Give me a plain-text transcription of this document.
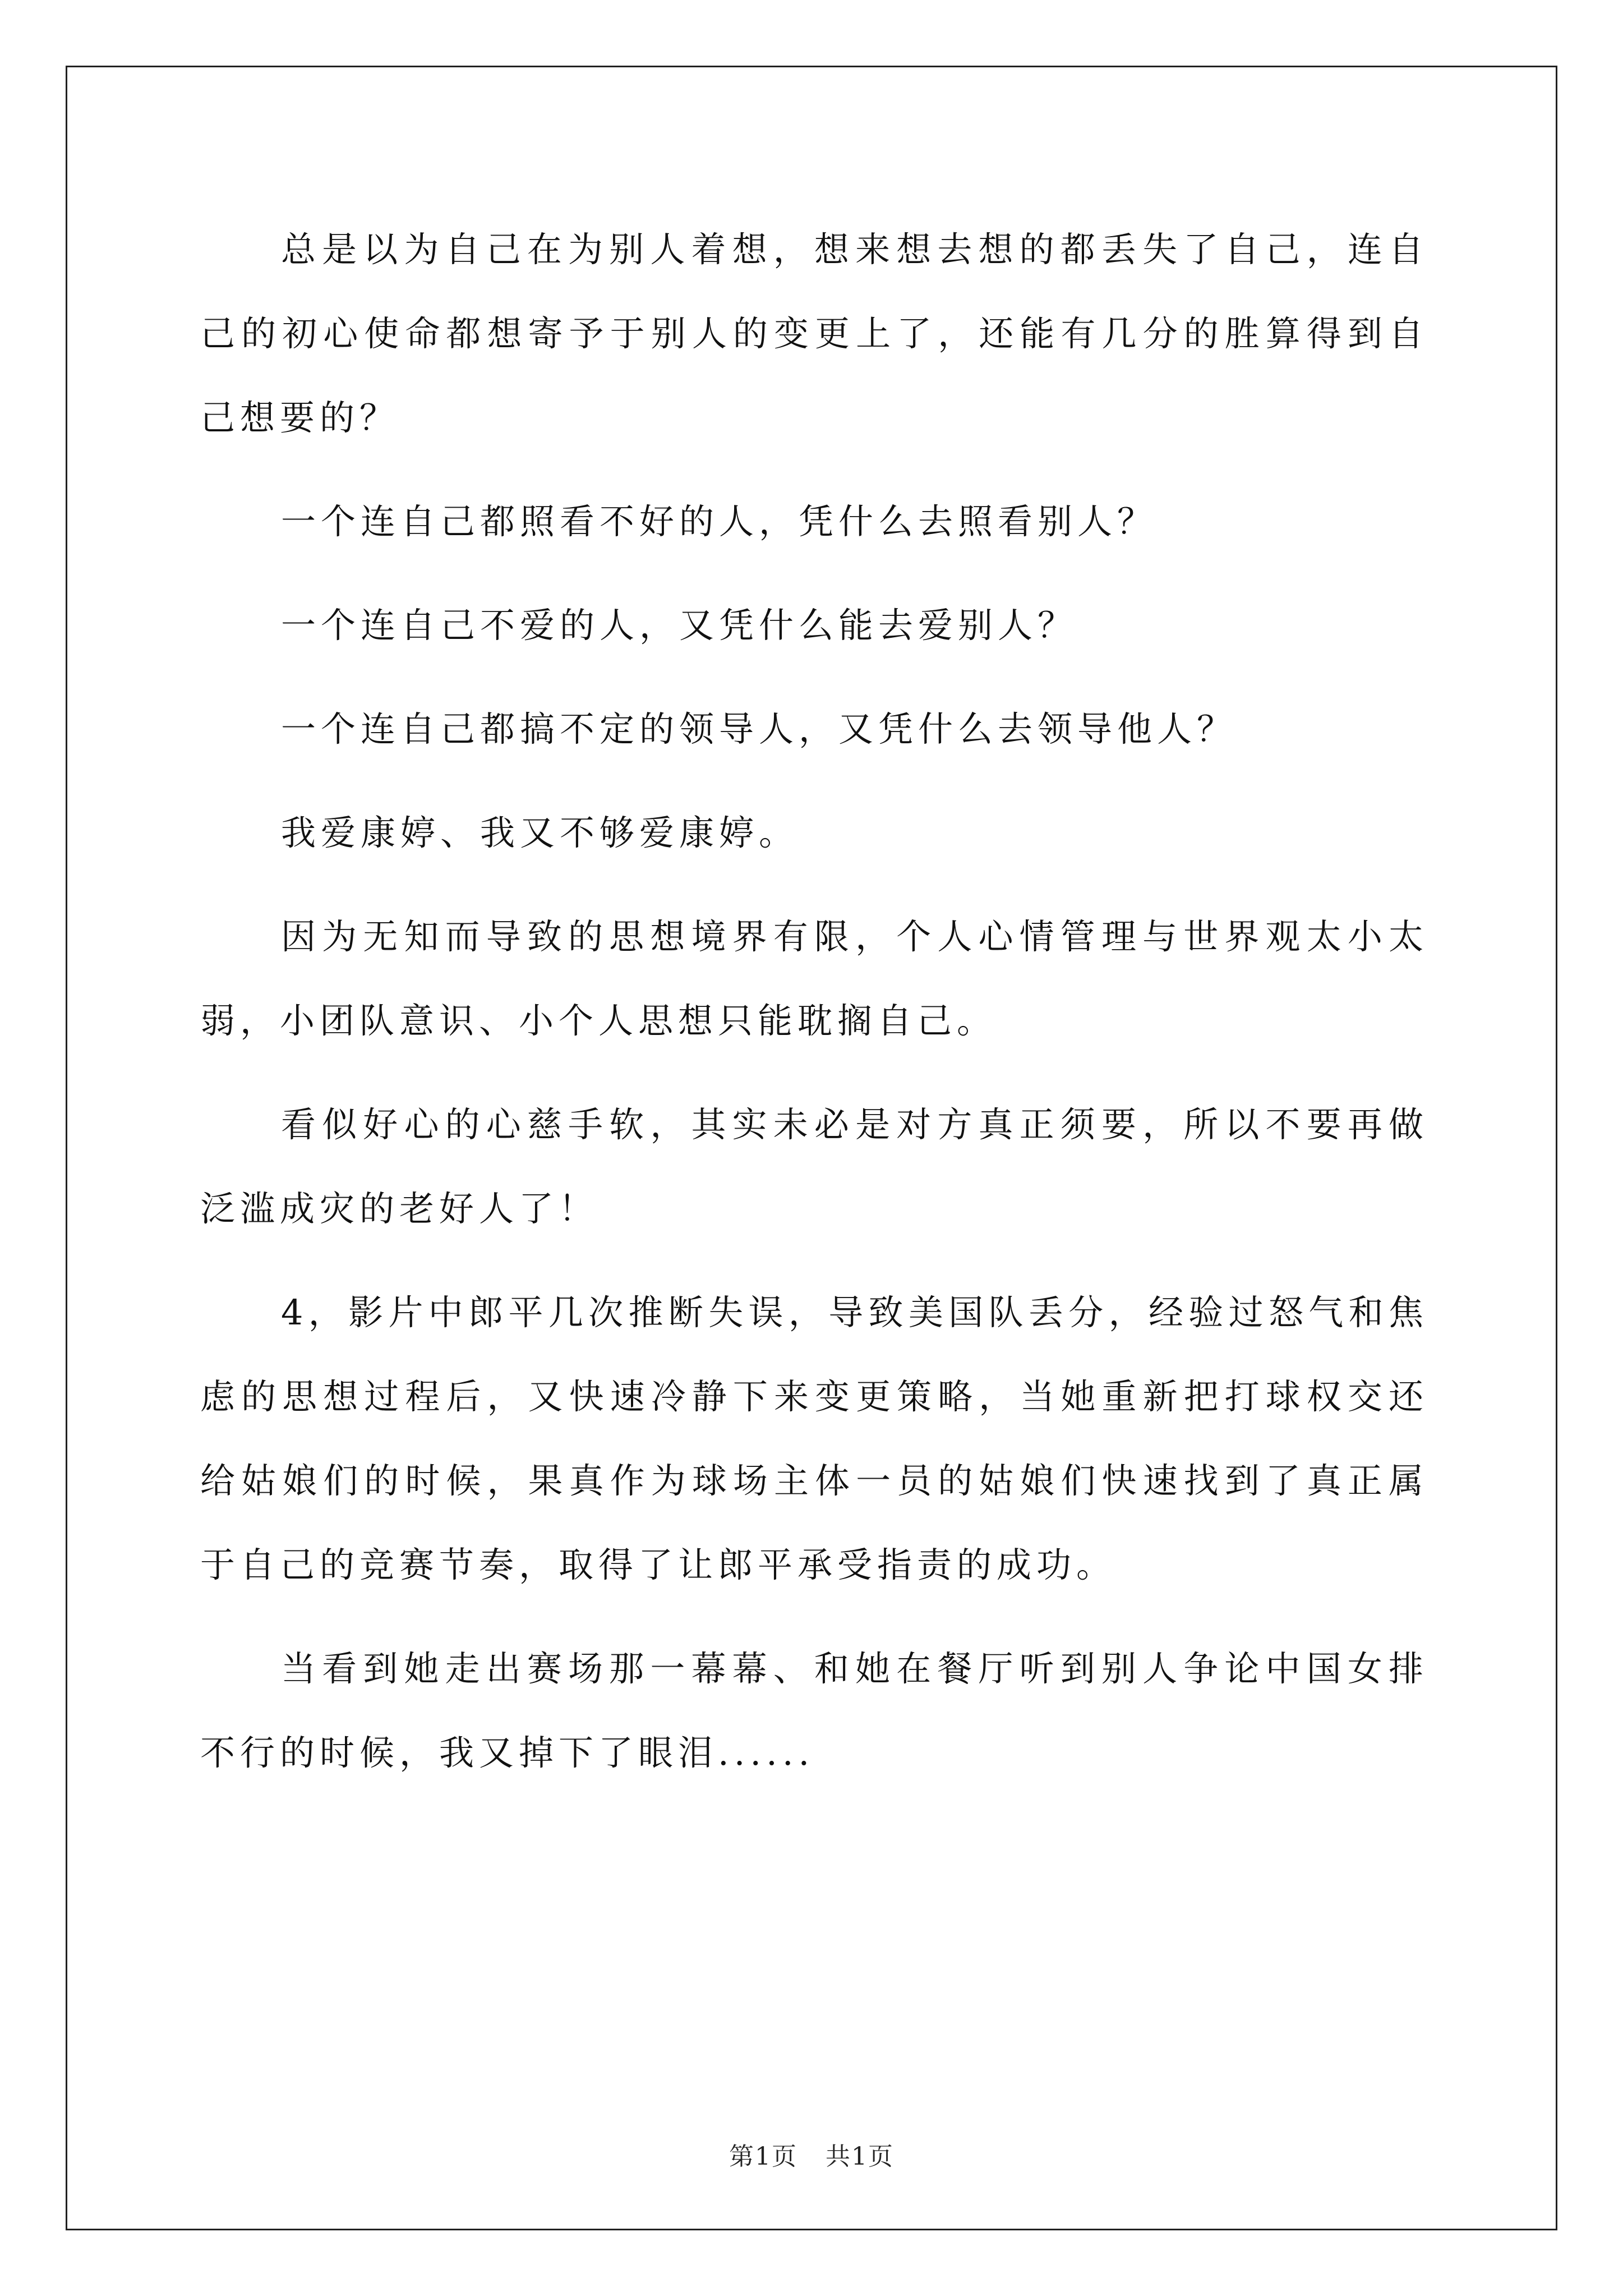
总是以为自己在为别人着想，想来想去想的都丢失了自己，连自己的初心使命都想寄予于别人的变更上了，还能有几分的胜算得到自己想要的？

一个连自己都照看不好的人，凭什么去照看别人？

一个连自己不爱的人，又凭什么能去爱别人？

一个连自己都搞不定的领导人，又凭什么去领导他人？

我爱康婷、我又不够爱康婷。

因为无知而导致的思想境界有限，个人心情管理与世界观太小太弱，小团队意识、小个人思想只能耽搁自己。

看似好心的心慈手软，其实未必是对方真正须要，所以不要再做泛滥成灾的老好人了！

4，影片中郎平几次推断失误，导致美国队丢分，经验过怒气和焦虑的思想过程后，又快速冷静下来变更策略，当她重新把打球权交还给姑娘们的时候，果真作为球场主体一员的姑娘们快速找到了真正属于自己的竞赛节奏，取得了让郎平承受指责的成功。

当看到她走出赛场那一幕幕、和她在餐厅听到别人争论中国女排不行的时候，我又掉下了眼泪......

第1页 共1页
